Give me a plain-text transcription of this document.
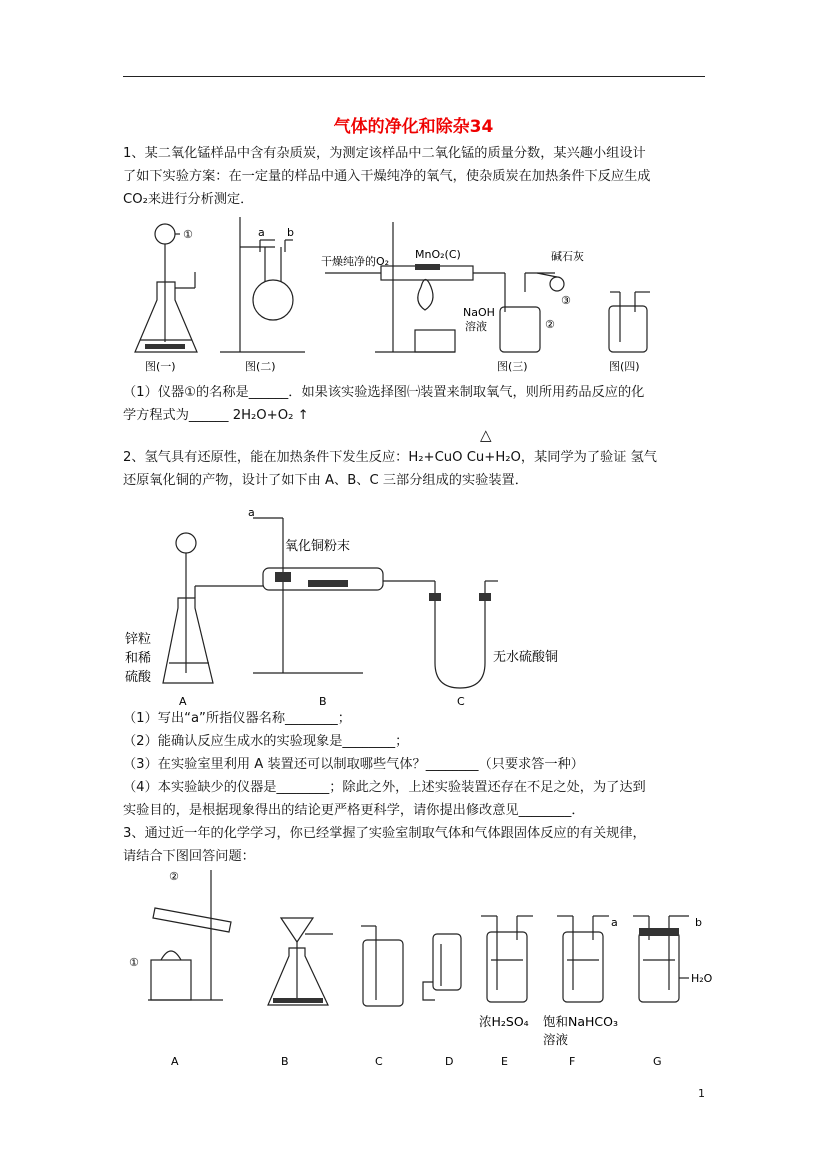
气体的净化和除杂34
1、某二氧化锰样品中含有杂质炭，为测定该样品中二氧化锰的质量分数，某兴趣小组设计
了如下实验方案：在一定量的样品中通入干燥纯净的氧气，使杂质炭在加热条件下反应生成
CO₂来进行分析测定．
①
图(一)
a b
图(二)
干燥纯净的O₂
MnO₂(C)
NaOH
溶液	②
碱石灰
③
图(三)	图(四)
（1）仪器①的名称是______．如果该实验选择图㈠装置来制取氧气，则所用药品反应的化
学方程式为______ 2H₂O+O₂ ↑
△
2、氢气具有还原性，能在加热条件下发生反应：H₂+CuO Cu+H₂O，某同学为了验证 氢气
还原氧化铜的产物，设计了如下由 A、B、C 三部分组成的实验装置．
a
氧化铜粉末
锌粒
和稀
硫酸
无水硫酸铜
A	B	C
（1）写出“a”所指仪器名称________；
（2）能确认反应生成水的实验现象是________；
（3）在实验室里利用 A 装置还可以制取哪些气体？________（只要求答一种）
（4）本实验缺少的仪器是________；除此之外，上述实验装置还存在不足之处，为了达到
实验目的，是根据现象得出的结论更严格更科学，请你提出修改意见________．
3、通过近一年的化学学习，你已经掌握了实验室制取气体和气体跟固体反应的有关规律，
请结合下图回答问题：
②
①
a	b
H₂O
浓H₂SO₄ 饱和NaHCO₃
溶液
A	B	C	D	E	F	G
1
